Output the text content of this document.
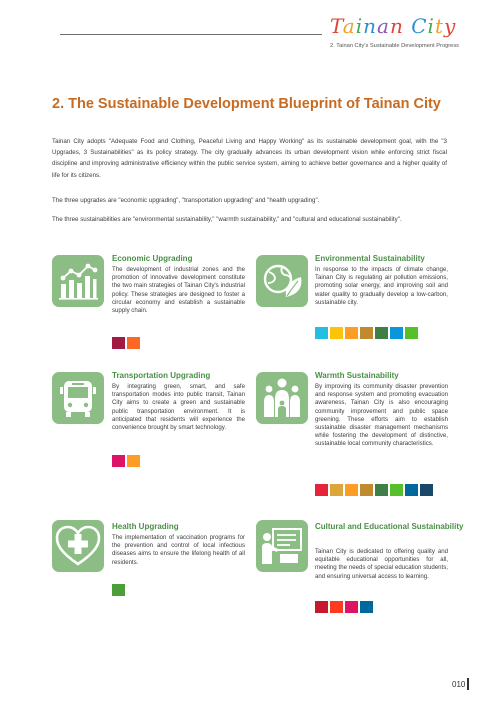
Tainan City
2. Tainan City's Sustainable Development Progress
2. The Sustainable Development Blueprint of Tainan City

Tainan City adopts "Adequate Food and Clothing, Peaceful Living and Happy Working" as its sustainable development goal, with the "3 Upgrades, 3 Sustainabilities" as its policy strategy. The city gradually advances its urban development vision while enforcing strict fiscal discipline and improving administrative efficiency within the public service system, aiming to achieve better governance and a higher quality of life for its citizens.

The three upgrades are "economic upgrading", "transportation upgrading" and "health upgrading".

The three sustainabilities are "environmental sustainability," "warmth sustainability," and "cultural and educational sustainability".

Economic Upgrading

The development of industrial zones and the promotion of innovative development constitute the two main strategies of Tainan City's industrial policy. These strategies are designed to foster a circular economy and establish a sustainable supply chain.

Environmental Sustainability

In response to the impacts of climate change, Tainan City is regulating air pollution emissions, promoting solar energy, and improving soil and water quality to gradually develop a low-carbon, sustainable city.

Transportation Upgrading

By integrating green, smart, and safe transportation modes into public transit, Tainan City aims to create a green and sustainable public transportation environment. It is anticipated that residents will experience the convenience brought by smart technology.

Warmth Sustainability

By improving its community disaster prevention and response system and promoting evacuation awareness, Tainan City is also encouraging community improvement and public space greening. These efforts aim to establish sustainable disaster management mechanisms while fostering the development of distinctive, sustainable local community characteristics.

Health Upgrading

The implementation of vaccination programs for the prevention and control of local infectious diseases aims to ensure the lifelong health of all residents.

Cultural and Educational Sustainability

Tainan City is dedicated to offering quality and equitable educational opportunities for all, meeting the needs of special education students, and ensuring universal access to learning.

010
